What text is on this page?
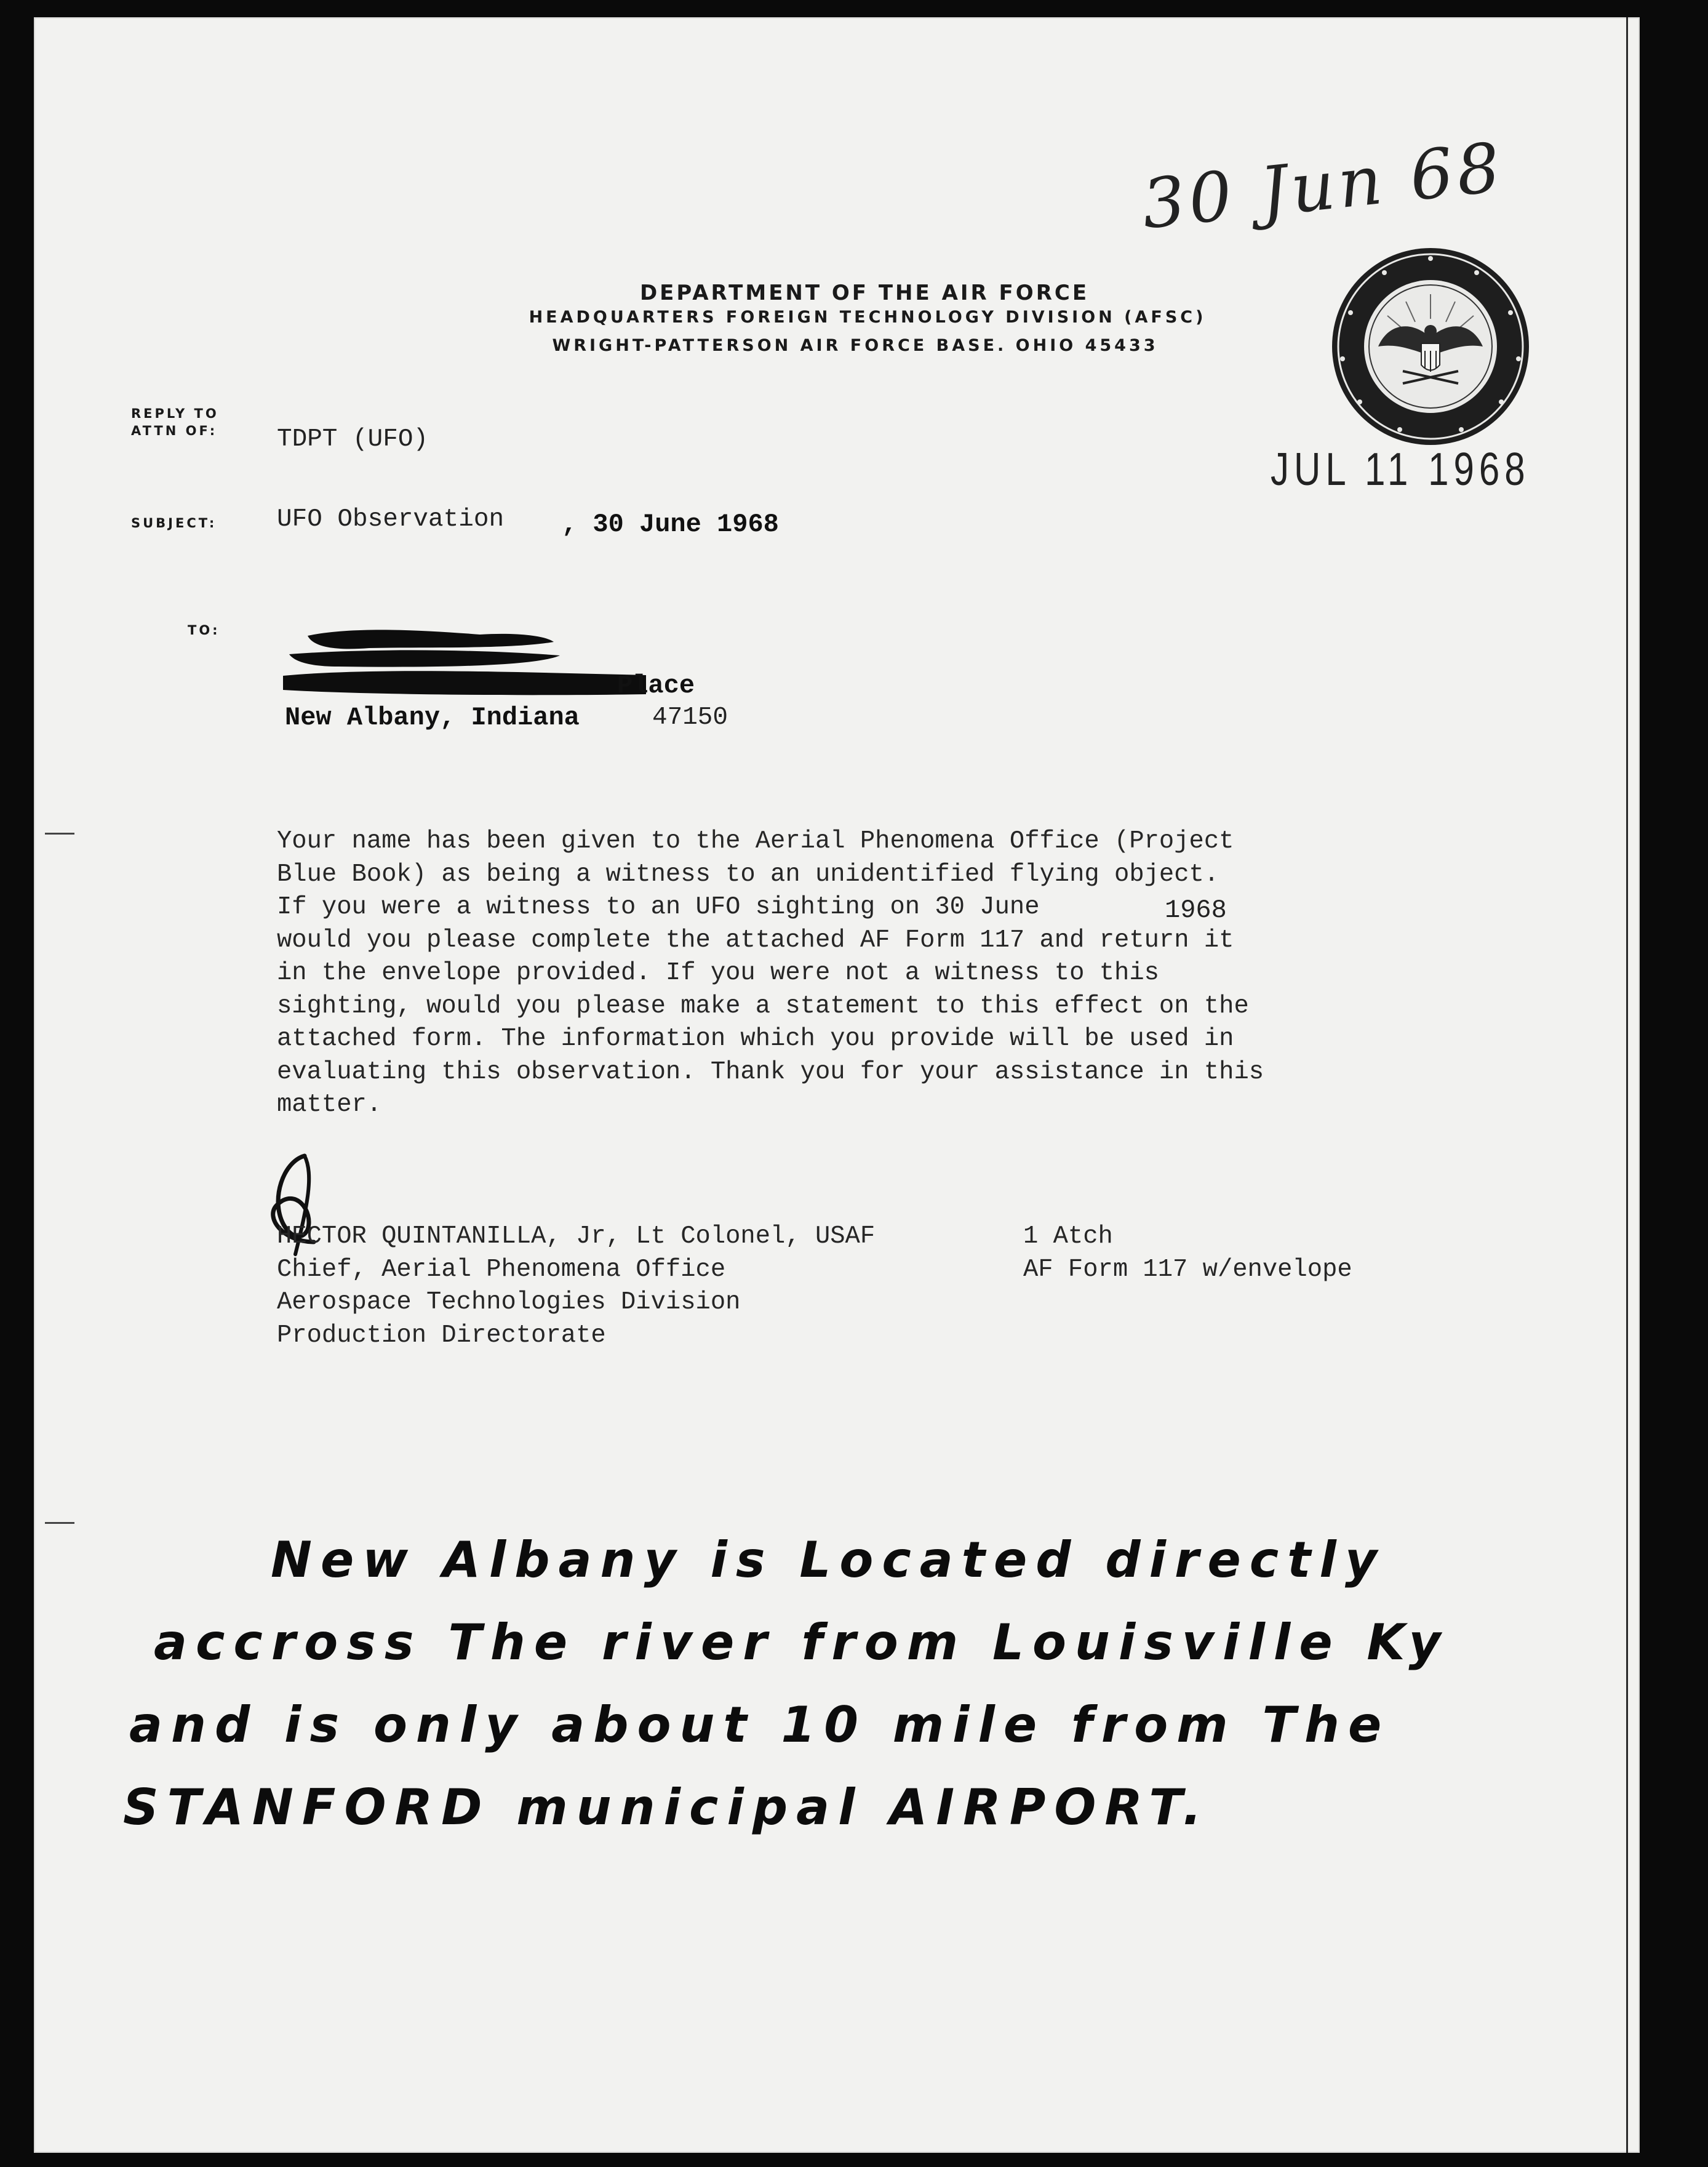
30 Jun 68
DEPARTMENT OF THE AIR FORCE
HEADQUARTERS FOREIGN TECHNOLOGY DIVISION (AFSC)
WRIGHT-PATTERSON AIR FORCE BASE. OHIO 45433
JUL 11 1968
REPLY TO
ATTN OF: TDPT (UFO)
SUBJECT: UFO Observation , 30 June 1968
TO:
Place
New Albany, Indiana	47150
Your name has been given to the Aerial Phenomena Office (Project
Blue Book) as being a witness to an unidentified flying object.
If you were a witness to an UFO sighting on 30 June
would you please complete the attached AF Form 117 and return it
in the envelope provided. If you were not a witness to this
sighting, would you please make a statement to this effect on the
attached form. The information which you provide will be used in
evaluating this observation. Thank you for your assistance in this
matter.
1968
HECTOR QUINTANILLA, Jr, Lt Colonel, USAF
Chief, Aerial Phenomena Office
Aerospace Technologies Division
Production Directorate
1 Atch
AF Form 117 w/envelope
New Albany is Located directly
accross The river from Louisville Ky
and is only about 10 mile from The
STANFORD municipal AIRPORT.
